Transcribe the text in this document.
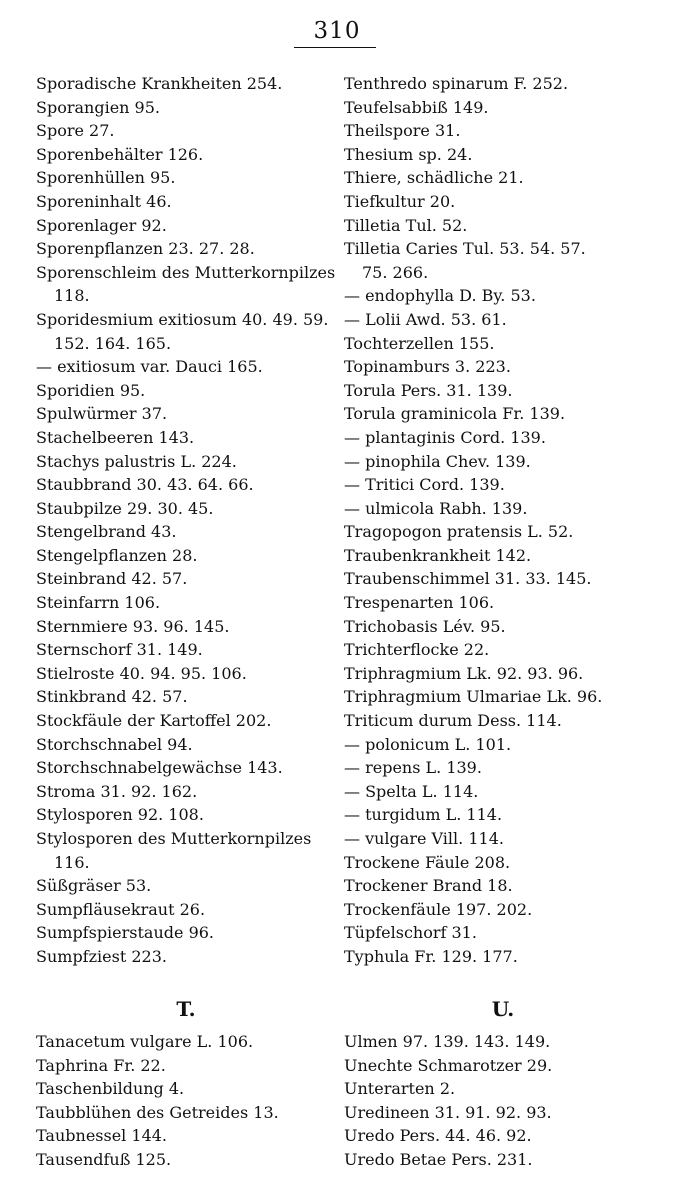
310
Sporadische Krankheiten 254.
Sporangien 95.
Spore 27.
Sporenbehälter 126.
Sporenhüllen 95.
Sporeninhalt 46.
Sporenlager 92.
Sporenpflanzen 23. 27. 28.
Sporenschleim des Mutterkornpilzes
118.
Sporidesmium exitiosum 40. 49. 59.
152. 164. 165.
— exitiosum var. Dauci 165.
Sporidien 95.
Spulwürmer 37.
Stachelbeeren 143.
Stachys palustris L. 224.
Staubbrand 30. 43. 64. 66.
Staubpilze 29. 30. 45.
Stengelbrand 43.
Stengelpflanzen 28.
Steinbrand 42. 57.
Steinfarrn 106.
Sternmiere 93. 96. 145.
Sternschorf 31. 149.
Stielroste 40. 94. 95. 106.
Stinkbrand 42. 57.
Stockfäule der Kartoffel 202.
Storchschnabel 94.
Storchschnabelgewächse 143.
Stroma 31. 92. 162.
Stylosporen 92. 108.
Stylosporen des Mutterkornpilzes
116.
Süßgräser 53.
Sumpfläusekraut 26.
Sumpfspierstaude 96.
Sumpfziest 223.
Tenthredo spinarum F. 252.
Teufelsabbiß 149.
Theilspore 31.
Thesium sp. 24.
Thiere, schädliche 21.
Tiefkultur 20.
Tilletia Tul. 52.
Tilletia Caries Tul. 53. 54. 57.
75. 266.
— endophylla D. By. 53.
— Lolii Awd. 53. 61.
Tochterzellen 155.
Topinamburs 3. 223.
Torula Pers. 31. 139.
Torula graminicola Fr. 139.
— plantaginis Cord. 139.
— pinophila Chev. 139.
— Tritici Cord. 139.
— ulmicola Rabh. 139.
Tragopogon pratensis L. 52.
Traubenkrankheit 142.
Traubenschimmel 31. 33. 145.
Trespenarten 106.
Trichobasis Lév. 95.
Trichterflocke 22.
Triphragmium Lk. 92. 93. 96.
Triphragmium Ulmariae Lk. 96.
Triticum durum Dess. 114.
— polonicum L. 101.
— repens L. 139.
— Spelta L. 114.
— turgidum L. 114.
— vulgare Vill. 114.
Trockene Fäule 208.
Trockener Brand 18.
Trockenfäule 197. 202.
Tüpfelschorf 31.
Typhula Fr. 129. 177.
T.	U.
Tanacetum vulgare L. 106.
Taphrina Fr. 22.
Taschenbildung 4.
Taubblühen des Getreides 13.
Taubnessel 144.
Tausendfuß 125.
Ulmen 97. 139. 143. 149.
Unechte Schmarotzer 29.
Unterarten 2.
Uredineen 31. 91. 92. 93.
Uredo Pers. 44. 46. 92.
Uredo Betae Pers. 231.
